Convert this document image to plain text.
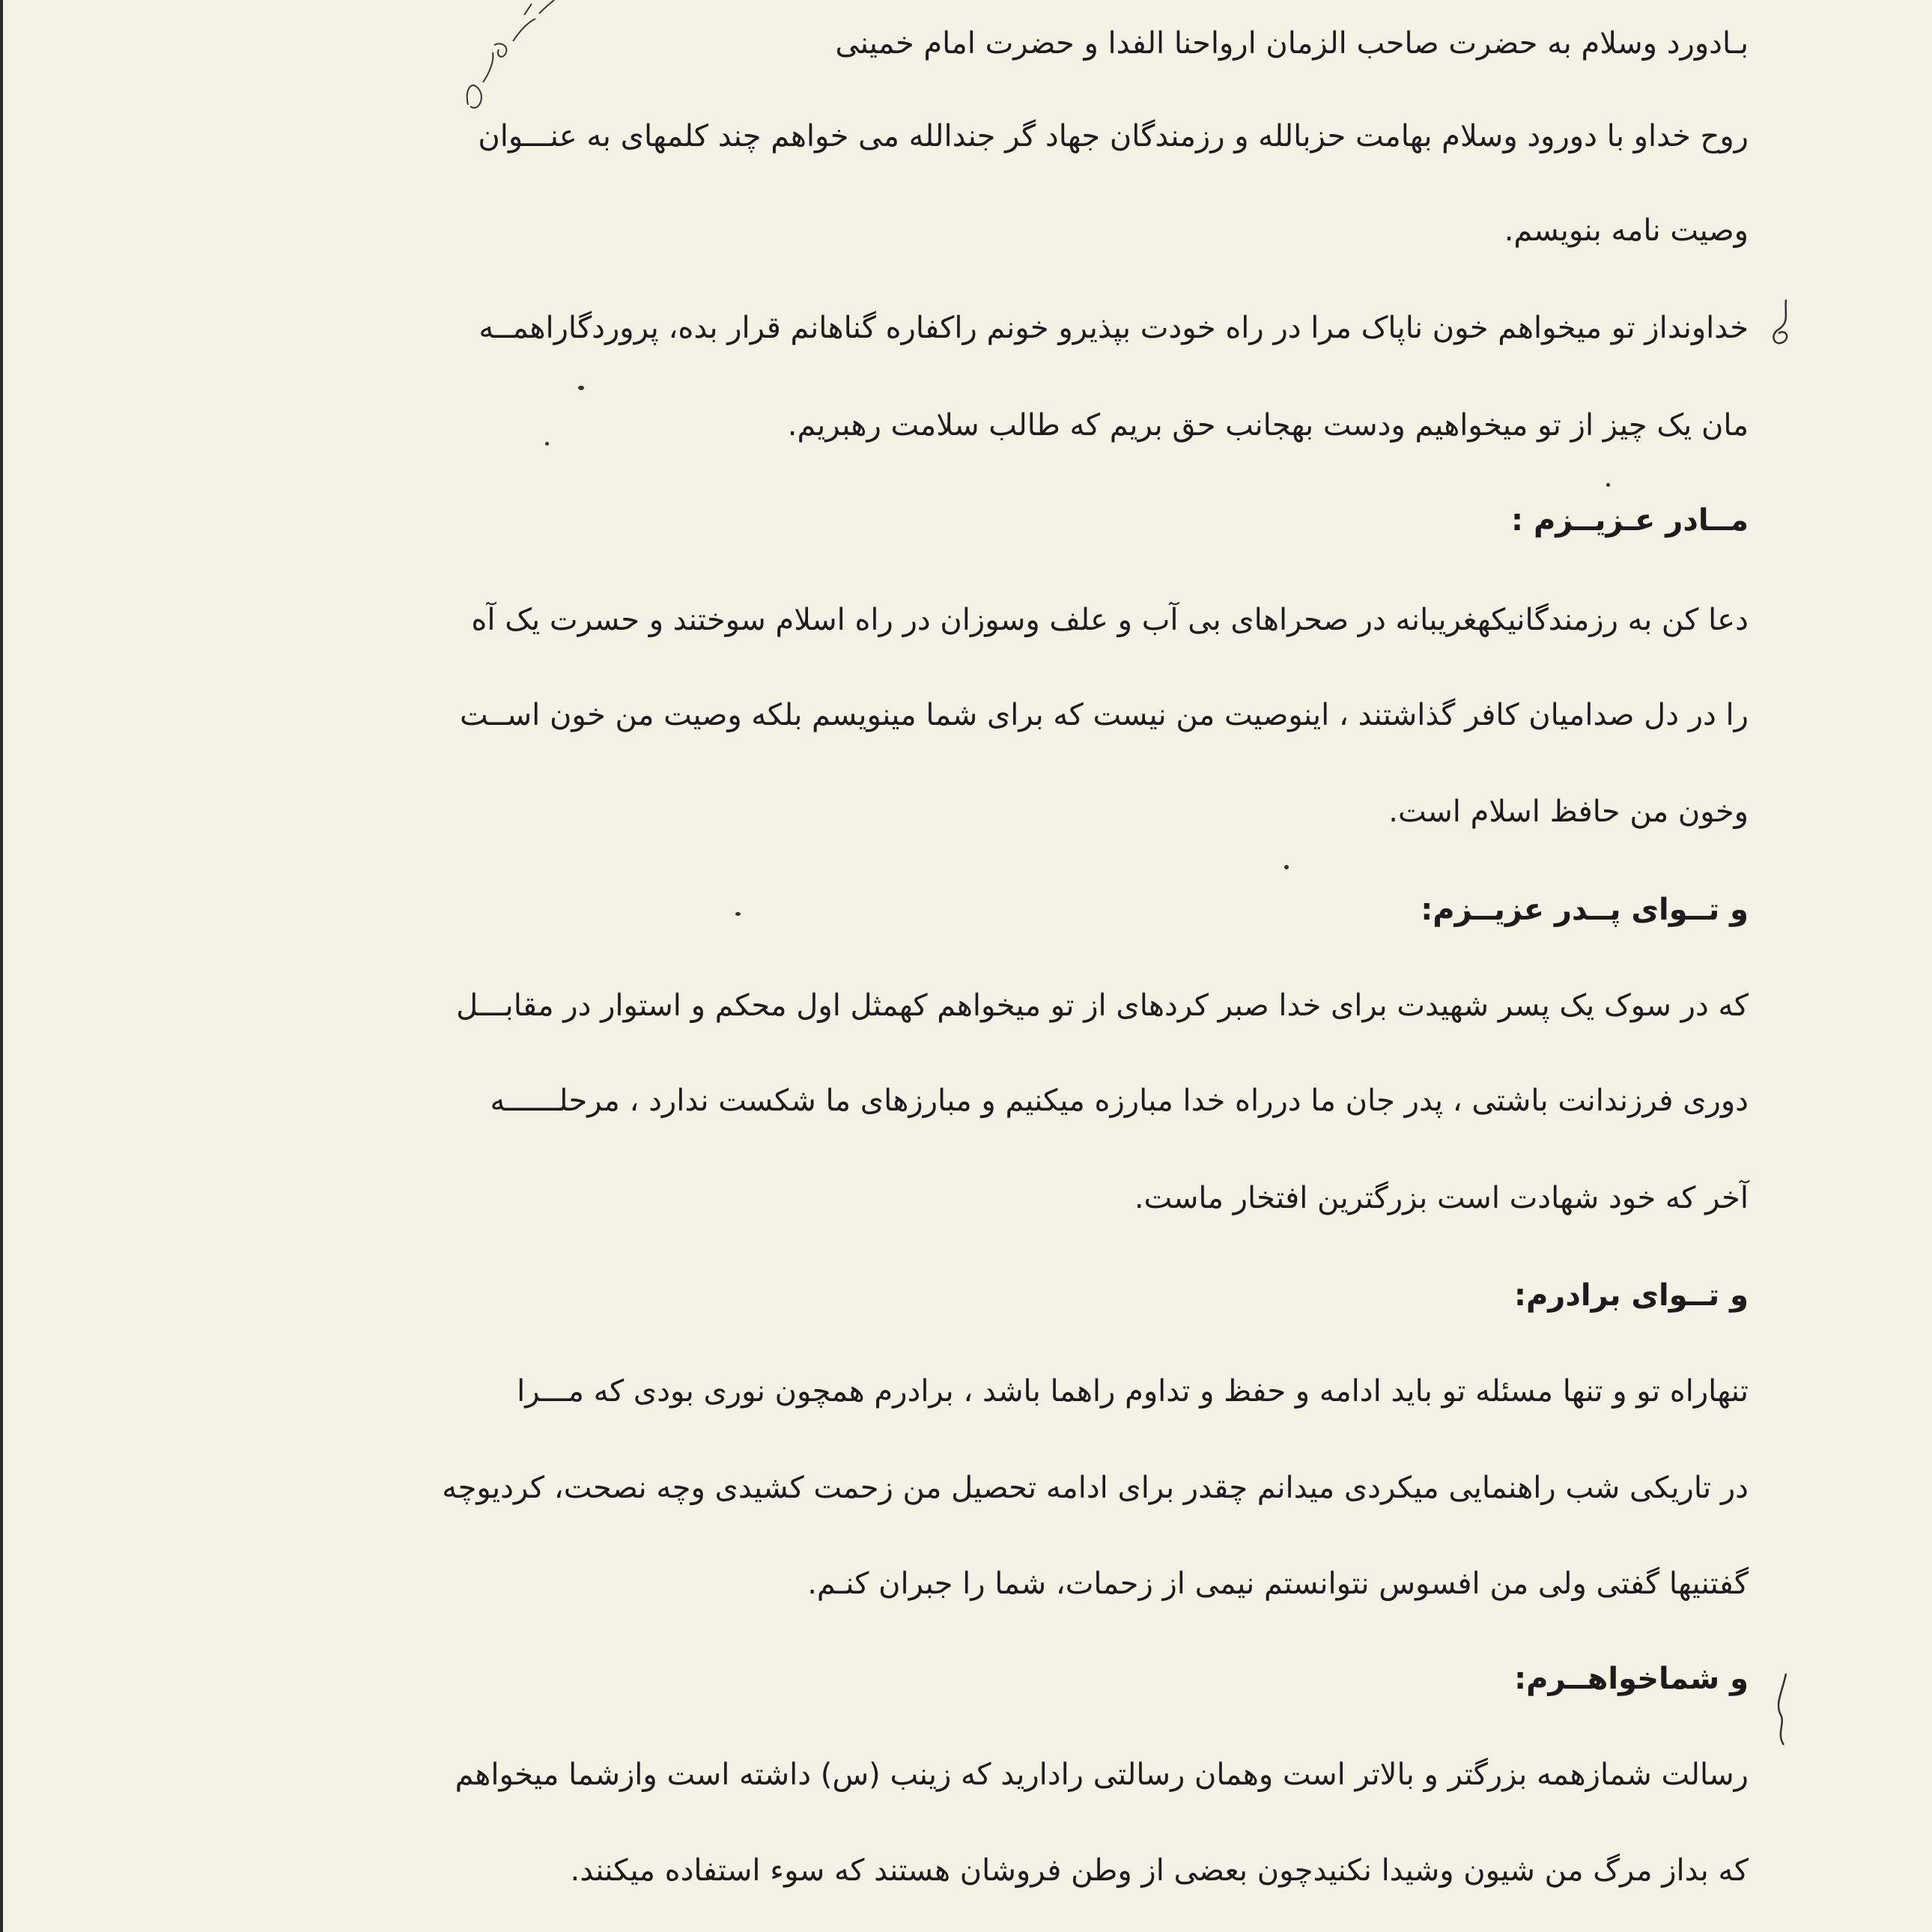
بـادورد وسلام به حضرت صاحب الزمان ارواحنا الفدا و حضرت امام خمینی
روح خداو با دورود وسلام بهامت حزبالله و رزمندگان جهاد گر جندالله می خواهم چند کلمهای به عنـــوان
وصیت نامه بنویسم.
خداونداز تو میخواهم خون ناپاک مرا در راه خودت بپذیرو خونم راکفاره گناهانم قرار بده، پروردگاراهمــه
مان یک چیز از تو میخواهیم ودست بهجانب حق بریم که طالب سلامت رهبریم.
مــادر عـزیــزم :
دعا کن به رزمندگانیکهغریبانه در صحراهای بی آب و علف وسوزان در راه اسلام سوختند و حسرت یک آه
را در دل صدامیان کافر گذاشتند ، اینوصیت من نیست که برای شما مینویسم بلکه وصیت من خون اســت
وخون من حافظ اسلام است.
و تــوای پــدر عزیــزم:
که در سوک یک پسر شهیدت برای خدا صبر کردهای از تو میخواهم کهمثل اول محکم و استوار در مقابـــل
دوری فرزندانت باشتی ، پدر جان ما درراه خدا مبارزه میکنیم و مبارزهای ما شکست ندارد ، مرحلــــــه
آخر که خود شهادت است بزرگترین افتخار ماست.
و تــوای برادرم:
تنهاراه تو و تنها مسئله تو باید ادامه و حفظ و تداوم راهما باشد ، برادرم همچون نوری بودی که مـــرا
در تاریکی شب راهنمایی میکردی میدانم چقدر برای ادامه تحصیل من زحمت کشیدی وچه نصحت، کردیوچه
گفتنیها گفتی ولی من افسوس نتوانستم نیمی از زحمات، شما را جبران کنـم.
و شماخواهــرم:
رسالت شمازهمه بزرگتر و بالاتر است وهمان رسالتی رادارید که زینب (س) داشته است وازشما میخواهم
که بداز مرگ من شیون وشیدا نکنیدچون بعضی از وطن فروشان هستند که سوء استفاده میکنند.
